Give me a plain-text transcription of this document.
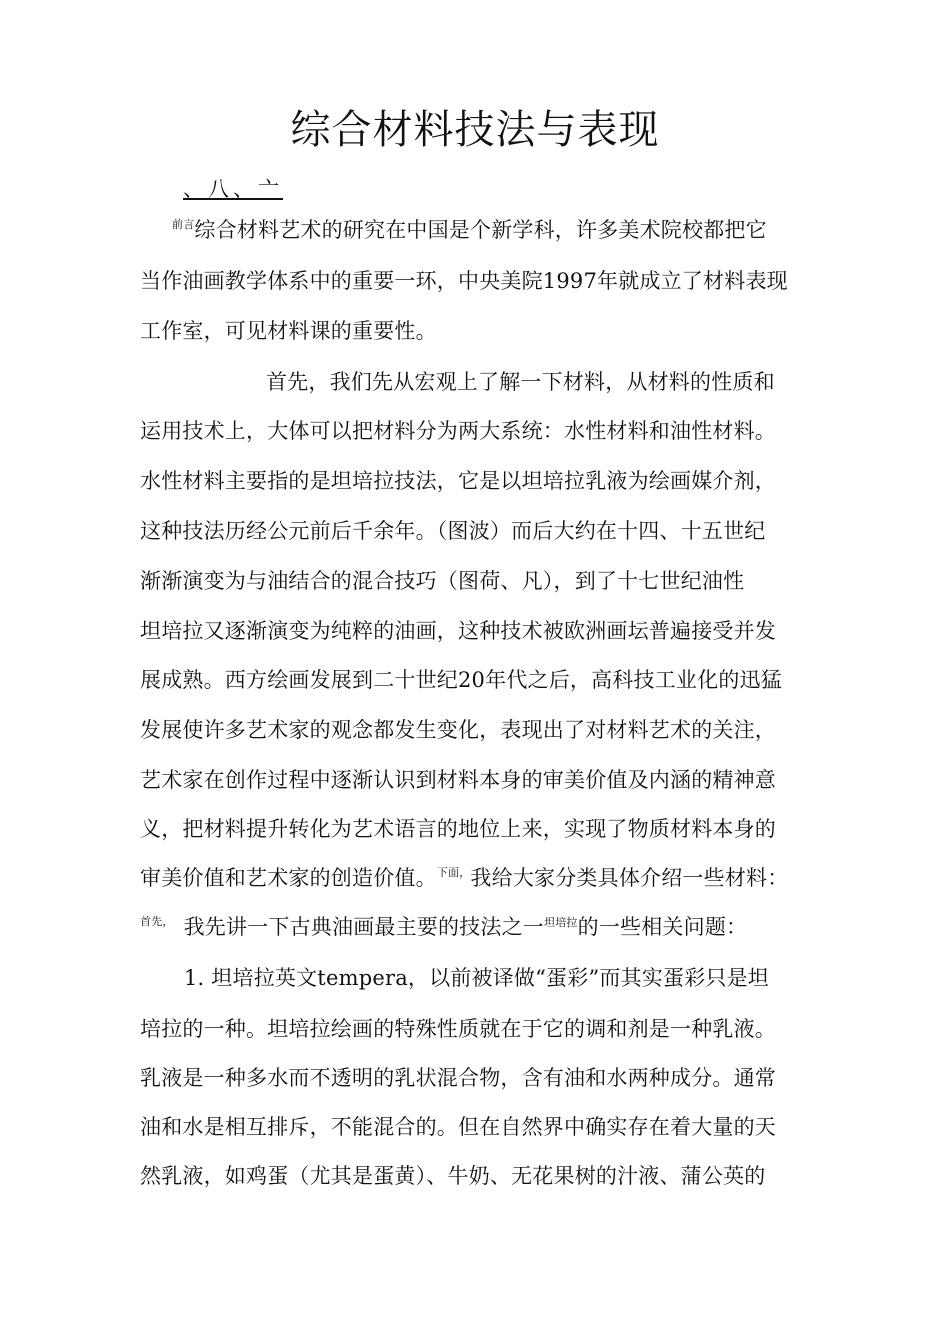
综合材料技法与表现
、八、亠
$^{前言}$综合材料艺术的研究在中国是个新学科，许多美术院校都把它
当作油画教学体系中的重要一环，中央美院1997年就成立了材料表现
工作室，可见材料课的重要性。
首先，我们先从宏观上了解一下材料，从材料的性质和
运用技术上，大体可以把材料分为两大系统：水性材料和油性材料。
水性材料主要指的是坦培拉技法，它是以坦培拉乳液为绘画媒介剂，
这种技法历经公元前后千余年。（图波）而后大约在十四、十五世纪
渐渐演变为与油结合的混合技巧（图荷、凡），到了十七世纪油性
坦培拉又逐渐演变为纯粹的油画，这种技术被欧洲画坛普遍接受并发
展成熟。西方绘画发展到二十世纪20年代之后，高科技工业化的迅猛
发展使许多艺术家的观念都发生变化，表现出了对材料艺术的关注，
艺术家在创作过程中逐渐认识到材料本身的审美价值及内涵的精神意
义，把材料提升转化为艺术语言的地位上来，实现了物质材料本身的
审美价值和艺术家的创造价值。$^{下面,}$我给大家分类具体介绍一些材料：
$^{首先,}$ 我先讲一下古典油画最主要的技法之一$^{坦培拉}$的一些相关问题：
1. 坦培拉英文tempera，以前被译做“蛋彩”而其实蛋彩只是坦
培拉的一种。坦培拉绘画的特殊性质就在于它的调和剂是一种乳液。
乳液是一种多水而不透明的乳状混合物，含有油和水两种成分。通常
油和水是相互排斥，不能混合的。但在自然界中确实存在着大量的天
然乳液，如鸡蛋（尤其是蛋黄）、牛奶、无花果树的汁液、蒲公英的
